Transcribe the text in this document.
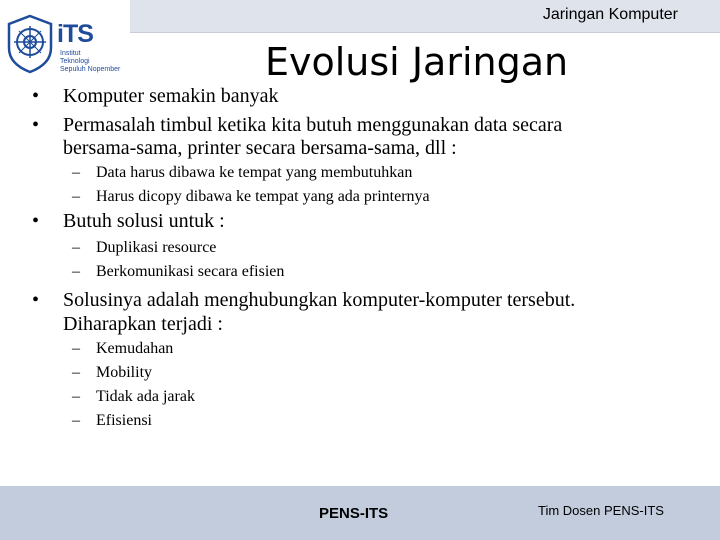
Jaringan Komputer
iTS
Institut
Teknologi
Sepuluh Nopember	Evolusi Jaringan
• Komputer semakin banyak
• Permasalah timbul ketika kita butuh menggunakan data secara
bersama-sama, printer secara bersama-sama, dll :
– Data harus dibawa ke tempat yang membutuhkan
– Harus dicopy dibawa ke tempat yang ada printernya
• Butuh solusi untuk :
– Duplikasi resource
– Berkomunikasi secara efisien
• Solusinya adalah menghubungkan komputer-komputer tersebut.
Diharapkan terjadi :
– Kemudahan
– Mobility
– Tidak ada jarak
– Efisiensi
PENS-ITS	Tim Dosen PENS-ITS
